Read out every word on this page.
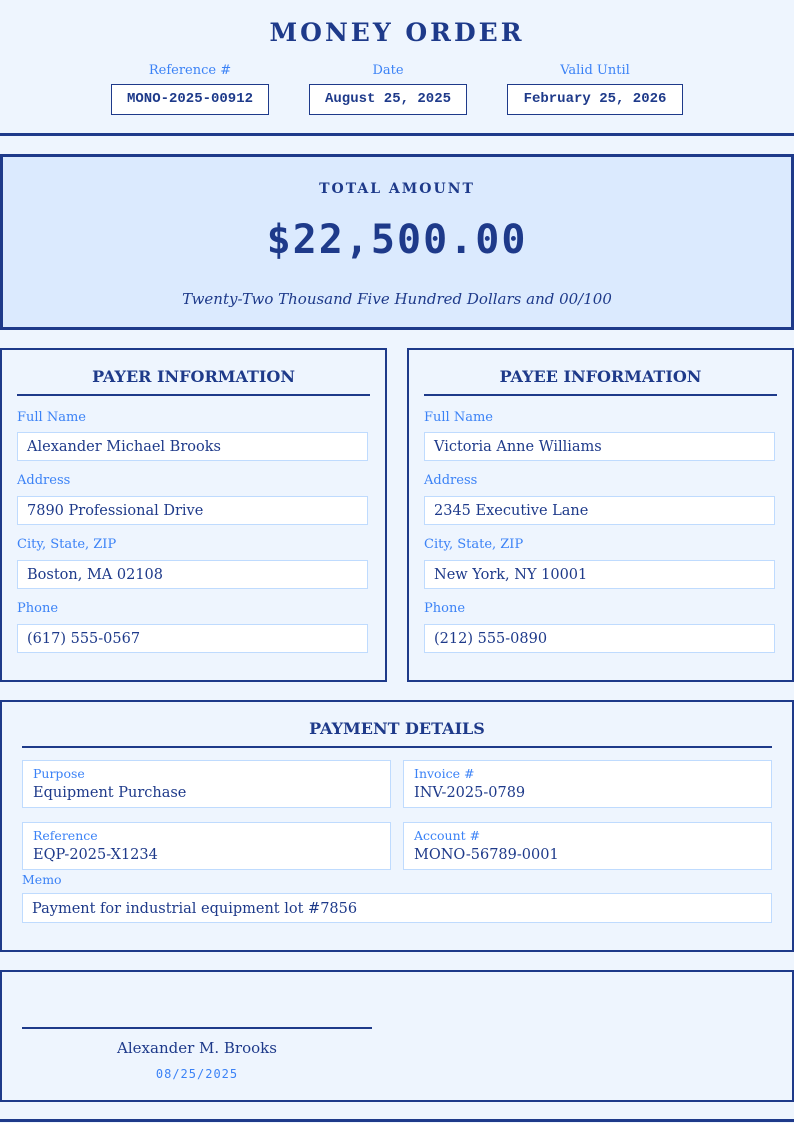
MONEY ORDER
Reference #
MONO-2025-00912
Date
August 25, 2025
Valid Until
February 25, 2026
TOTAL AMOUNT
$22,500.00
Twenty-Two Thousand Five Hundred Dollars and 00/100
PAYER INFORMATION
Full Name
Alexander Michael Brooks
Address
7890 Professional Drive
City, State, ZIP
Boston, MA 02108
Phone
(617) 555-0567
PAYEE INFORMATION
Full Name
Victoria Anne Williams
Address
2345 Executive Lane
City, State, ZIP
New York, NY 10001
Phone
(212) 555-0890
PAYMENT DETAILS
Purpose
Equipment Purchase
Invoice #
INV-2025-0789
Reference
EQP-2025-X1234
Account #
MONO-56789-0001
Memo
Payment for industrial equipment lot #7856
Alexander M. Brooks
08/25/2025
